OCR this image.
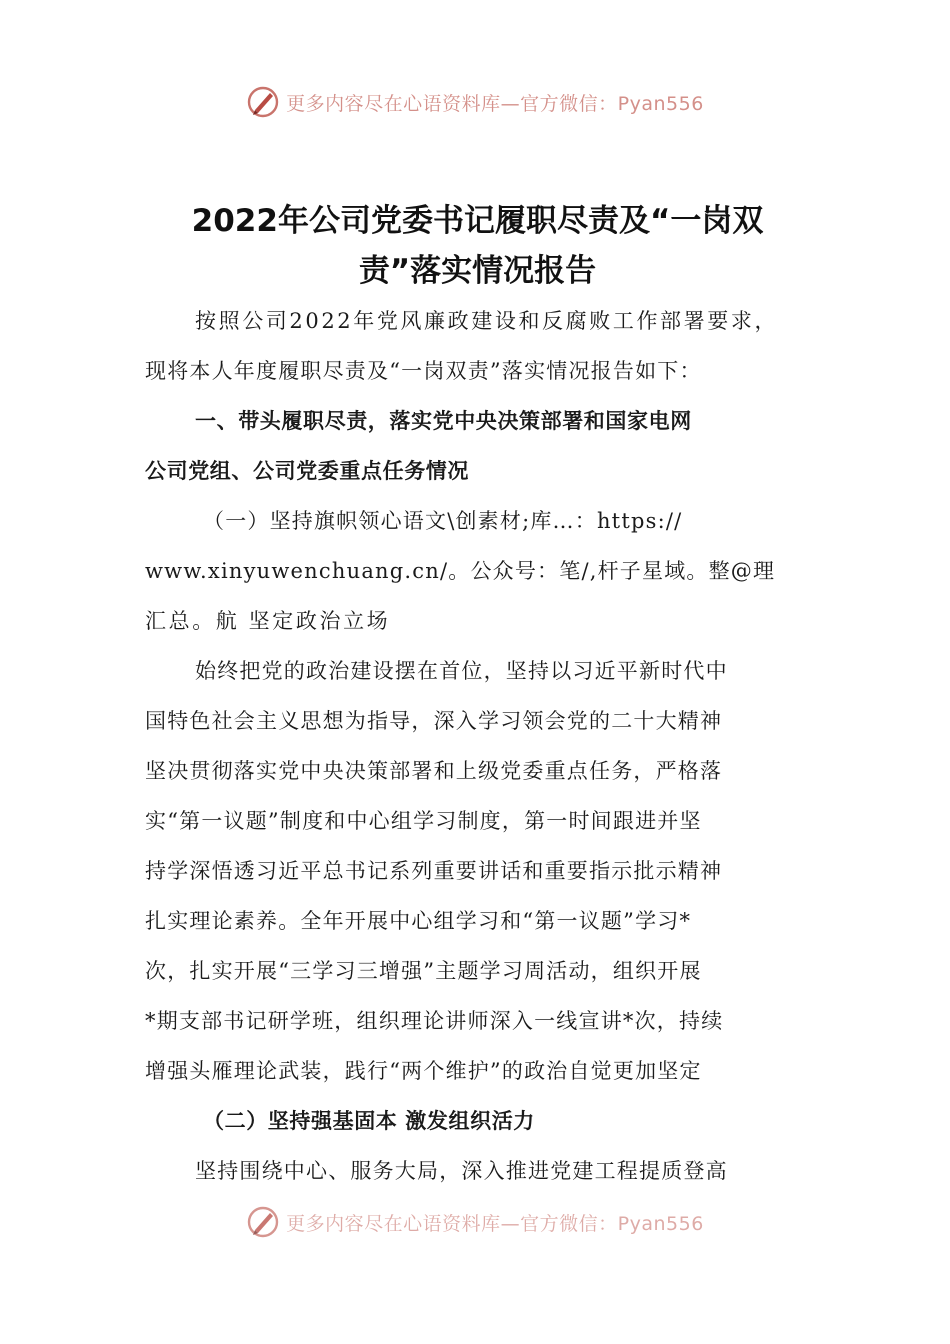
更多内容尽在心语资料库—官方微信：Pyan556
2022年公司党委书记履职尽责及“一岗双
责”落实情况报告
按照公司2022年党风廉政建设和反腐败工作部署要求，
现将本人年度履职尽责及“一岗双责”落实情况报告如下：
一、带头履职尽责，落实党中央决策部署和国家电网
公司党组、公司党委重点任务情况
（一）坚持旗帜领心语文\创素材;库…：https://
www.xinyuwenchuang.cn/。公众号：笔/,杆子星域。整@理
汇总。航 坚定政治立场
始终把党的政治建设摆在首位，坚持以习近平新时代中
国特色社会主义思想为指导，深入学习领会党的二十大精神
坚决贯彻落实党中央决策部署和上级党委重点任务，严格落
实“第一议题”制度和中心组学习制度，第一时间跟进并坚
持学深悟透习近平总书记系列重要讲话和重要指示批示精神
扎实理论素养。全年开展中心组学习和“第一议题”学习*
次，扎实开展“三学习三增强”主题学习周活动，组织开展
*期支部书记研学班，组织理论讲师深入一线宣讲*次，持续
增强头雁理论武装，践行“两个维护”的政治自觉更加坚定
（二）坚持强基固本 激发组织活力
坚持围绕中心、服务大局，深入推进党建工程提质登高
更多内容尽在心语资料库—官方微信：Pyan556
